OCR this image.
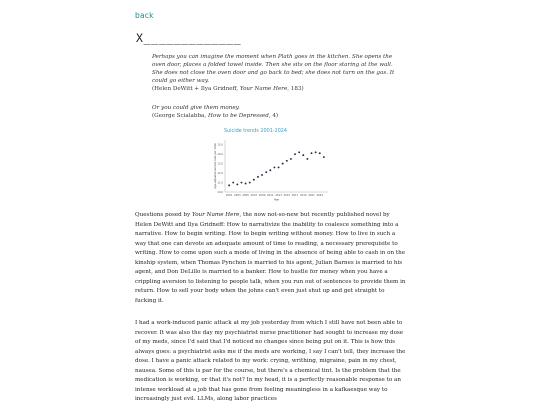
back
X_____________
Perhaps you can imagine the moment when Plath goes in the kitchen. She opens the oven door, places a folded towel inside. Then she sits on the floor staring at the wall. She does not close the oven door and go back to bed; she does not turn on the gas. It could go either way.
(Helen DeWitt + Ilya Gridneff, Your Name Here, 183)
Or you could give them money.
(George Scialabba, How to be Depressed, 4)
Suicide trends 2001-2024
10.0
11.0
12.0
13.0
14.0
15.0
2001 2003 2005 2007 2009 2011 2013 2015 2017 2019 2021 2023
Age-adjusted suicide rate per 100k
Year

Questions posed by Your Name Here, the now not-so-new but recently published novel by Helen DeWitt and Ilya Gridneff: How to narrativize the inability to coalesce something into a narrative. How to begin writing. How to begin writing without money. How to live in such a way that one can devote an adequate amount of time to reading, a necessary prerequisite to writing. How to come upon such a mode of living in the absence of being able to cash in on the kinship system, when Thomas Pynchon is married to his agent, Julian Barnes is married to his agent, and Don DeLillo is married to a banker. How to hustle for money when you have a crippling aversion to listening to people talk, when you run out of sentences to provide them in return. How to sell your body when the johns can't even just shut up and get straight to fucking it.

I had a work-induced panic attack at my job yesterday from which I still have not been able to recover. It was also the day my psychiatrist nurse practitioner had sought to increase my dose of my meds, since I'd said that I'd noticed no changes since being put on it. This is how this always goes: a psychiatrist asks me if the meds are working, I say I can't tell, they increase the dose. I have a panic attack related to my work: crying, writhing, migraine, pain in my chest, nausea. Some of this is par for the course, but there's a chemical tint. Is the problem that the medication is working, or that it's not? In my head, it is a perfectly reasonable response to an intense workload at a job that has gone from feeling meaningless in a kafkaesque way to increasingly just evil. LLMs, along labor practices
